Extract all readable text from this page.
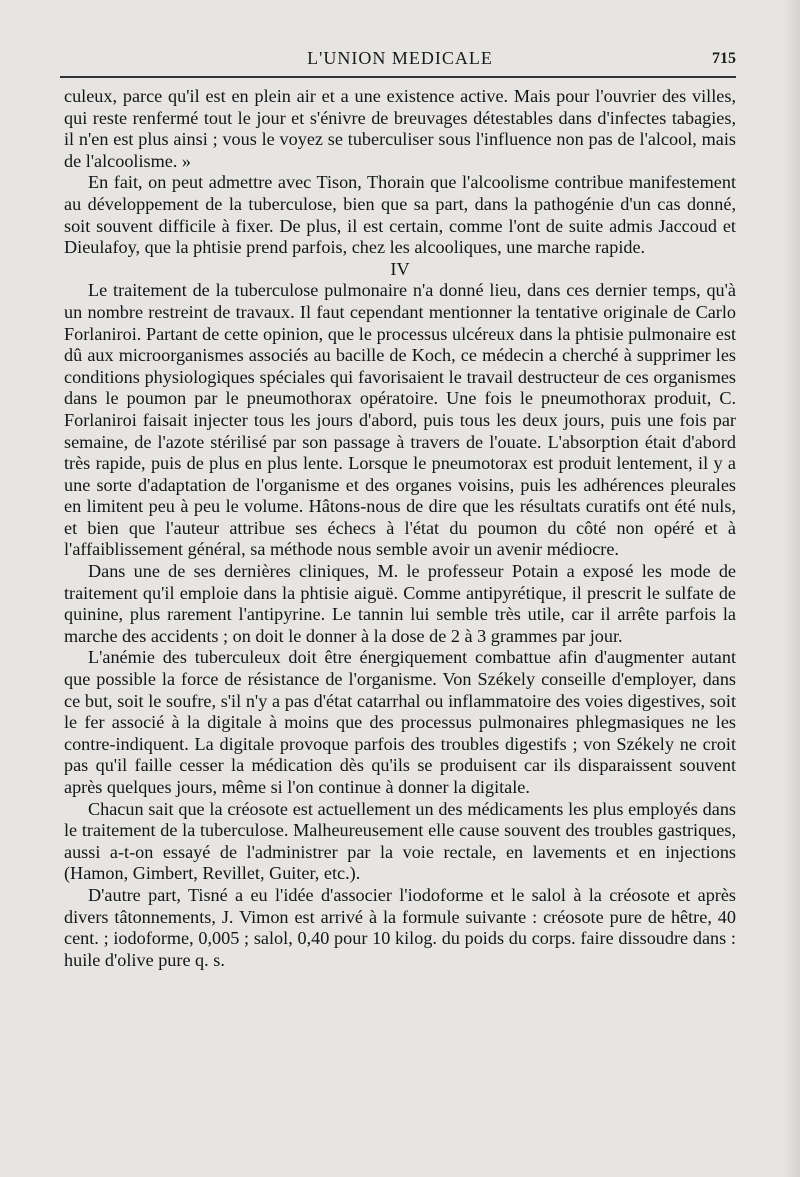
L'UNION MEDICALE	715

culeux, parce qu'il est en plein air et a une existence active. Mais pour l'ouvrier des villes, qui reste renfermé tout le jour et s'énivre de breuvages détestables dans d'infectes tabagies, il n'en est plus ainsi ; vous le voyez se tuberculiser sous l'influence non pas de l'alcool, mais de l'alcoolisme. »

En fait, on peut admettre avec Tison, Thorain que l'alcoolisme contribue manifestement au développement de la tuberculose, bien que sa part, dans la pathogénie d'un cas donné, soit souvent difficile à fixer. De plus, il est certain, comme l'ont de suite admis Jaccoud et Dieulafoy, que la phtisie prend parfois, chez les alcooliques, une marche rapide.

IV

Le traitement de la tuberculose pulmonaire n'a donné lieu, dans ces dernier temps, qu'à un nombre restreint de travaux. Il faut cependant mentionner la tentative originale de Carlo Forlaniroi. Partant de cette opinion, que le processus ulcéreux dans la phtisie pulmonaire est dû aux microorganismes associés au bacille de Koch, ce médecin a cherché à supprimer les conditions physiologiques spéciales qui favorisaient le travail destructeur de ces organismes dans le poumon par le pneumothorax opératoire. Une fois le pneumothorax produit, C. Forlaniroi faisait injecter tous les jours d'abord, puis tous les deux jours, puis une fois par semaine, de l'azote stérilisé par son passage à travers de l'ouate. L'absorption était d'abord très rapide, puis de plus en plus lente. Lorsque le pneumotorax est produit lentement, il y a une sorte d'adaptation de l'organisme et des organes voisins, puis les adhérences pleurales en limitent peu à peu le volume. Hâtons-nous de dire que les résultats curatifs ont été nuls, et bien que l'auteur attribue ses échecs à l'état du poumon du côté non opéré et à l'affaiblissement général, sa méthode nous semble avoir un avenir médiocre.

Dans une de ses dernières cliniques, M. le professeur Potain a exposé les mode de traitement qu'il emploie dans la phtisie aiguë. Comme antipyrétique, il prescrit le sulfate de quinine, plus rarement l'antipyrine. Le tannin lui semble très utile, car il arrête parfois la marche des accidents ; on doit le donner à la dose de 2 à 3 grammes par jour.

L'anémie des tuberculeux doit être énergiquement combattue afin d'augmenter autant que possible la force de résistance de l'organisme. Von Székely conseille d'employer, dans ce but, soit le soufre, s'il n'y a pas d'état catarrhal ou inflammatoire des voies digestives, soit le fer associé à la digitale à moins que des processus pulmonaires phlegmasiques ne les contre-indiquent. La digitale provoque parfois des troubles digestifs ; von Székely ne croit pas qu'il faille cesser la médication dès qu'ils se produisent car ils disparaissent souvent après quelques jours, même si l'on continue à donner la digitale.

Chacun sait que la créosote est actuellement un des médicaments les plus employés dans le traitement de la tuberculose. Malheureusement elle cause souvent des troubles gastriques, aussi a-t-on essayé de l'administrer par la voie rectale, en lavements et en injections (Hamon, Gimbert, Revillet, Guiter, etc.).

D'autre part, Tisné a eu l'idée d'associer l'iodoforme et le salol à la créosote et après divers tâtonnements, J. Vimon est arrivé à la formule suivante : créosote pure de hêtre, 40 cent. ; iodoforme, 0,005 ; salol, 0,40 pour 10 kilog. du poids du corps. faire dissoudre dans : huile d'olive pure q. s.
